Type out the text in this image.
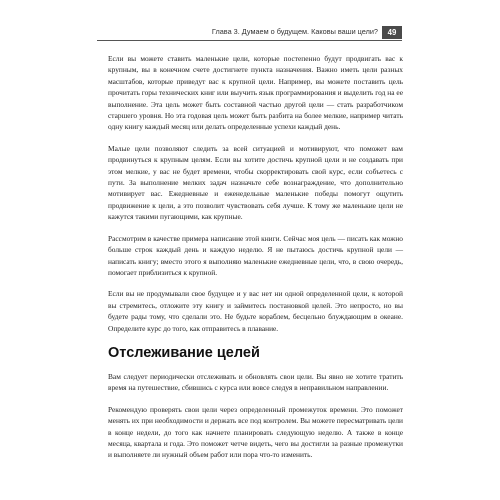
Глава 3. Думаем о будущем. Каковы ваши цели?	49

Если вы можете ставить маленькие цели, которые постепенно будут продвигать вас к крупным, вы в конечном счете достигнете пункта назначения. Важно иметь цели разных масштабов, которые приведут вас к крупной цели. Например, вы можете поставить цель прочитать горы технических книг или выучить язык программирования и выделить год на ее выполнение. Эта цель может быть составной частью другой цели — стать разработчиком старшего уровня. Но эта годовая цель может быть разбита на более мелкие, например читать одну книгу каждый месяц или делать определенные успехи каждый день.

Малые цели позволяют следить за всей ситуацией и мотивируют, что поможет вам продвинуться к крупным целям. Если вы хотите достичь крупной цели и не создавать при этом мелкие, у вас не будет времени, чтобы скорректировать свой курс, если собъетесь с пути. За выполнение мелких задач назначьте себе вознаграждение, что дополнительно мотивирует вас. Ежедневные и еженедельные маленькие победы помогут ощутить продвижение к цели, а это позволит чувствовать себя лучше. К тому же маленькие цели не кажутся такими пугающими, как крупные.

Рассмотрим в качестве примера написание этой книги. Сейчас моя цель — писать как можно больше строк каждый день и каждую неделю. Я не пытаюсь достичь крупной цели — написать книгу; вместо этого я выполняю маленькие ежедневные цели, что, в свою очередь, помогает приблизиться к крупной.

Если вы не продумывали свое будущее и у вас нет ни одной определенной цели, к которой вы стремитесь, отложите эту книгу и займитесь постановкой целей. Это непросто, но вы будете рады тому, что сделали это. Не будьте кораблем, бесцельно блуждающим в океане. Определите курс до того, как отправитесь в плавание.

Отслеживание целей

Вам следует периодически отслеживать и обновлять свои цели. Вы явно не хотите тратить время на путешествие, сбившись с курса или вовсе следуя в неправильном направлении.

Рекомендую проверять свои цели через определенный промежуток времени. Это поможет менять их при необходимости и держать все под контролем. Вы можете пересматривать цели в конце недели, до того как начнете планировать следующую неделю. А также в конце месяца, квартала и года. Это поможет четче видеть, чего вы достигли за разные промежутки и выполняете ли нужный объем работ или пора что-то изменить.
